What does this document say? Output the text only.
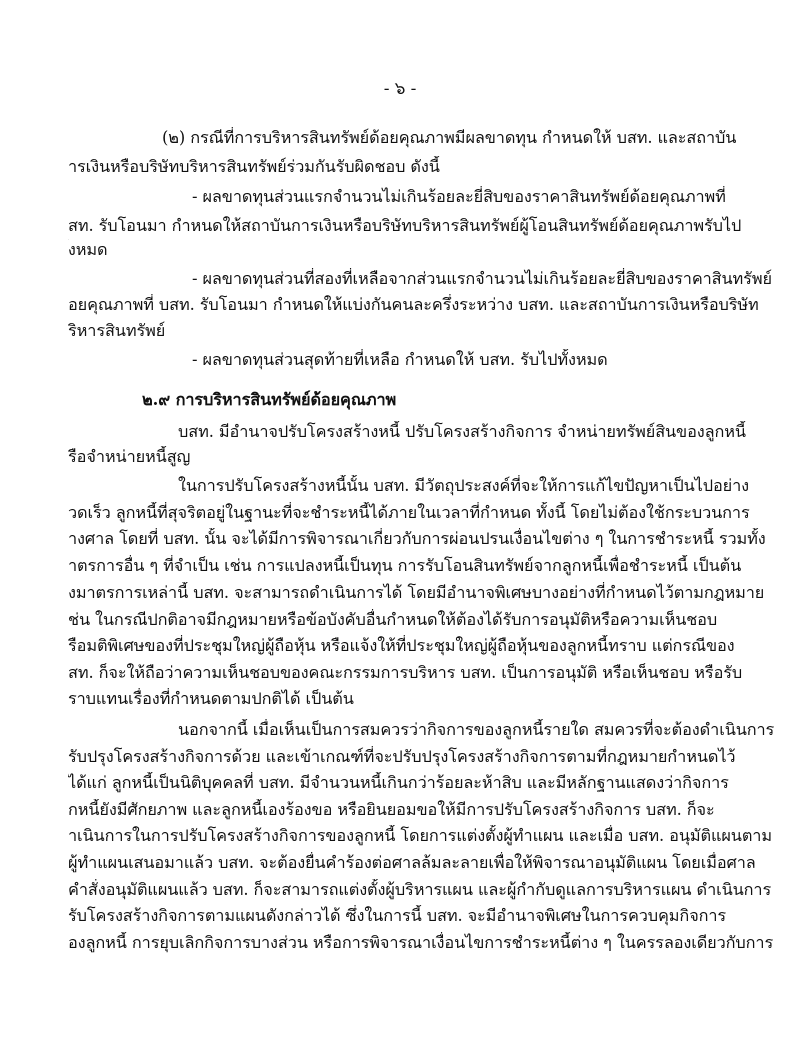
- ๖ -
(๒) กรณีที่การบริหารสินทรัพย์ด้อยคุณภาพมีผลขาดทุน กำหนดให้ บสท. และสถาบัน
ารเงินหรือบริษัทบริหารสินทรัพย์ร่วมกันรับผิดชอบ ดังนี้
- ผลขาดทุนส่วนแรกจำนวนไม่เกินร้อยละยี่สิบของราคาสินทรัพย์ด้อยคุณภาพที่
สท. รับโอนมา กำหนดให้สถาบันการเงินหรือบริษัทบริหารสินทรัพย์ผู้โอนสินทรัพย์ด้อยคุณภาพรับไป
ั้งหมด
- ผลขาดทุนส่วนที่สองที่เหลือจากส่วนแรกจำนวนไม่เกินร้อยละยี่สิบของราคาสินทรัพย์
อยคุณภาพที่ บสท. รับโอนมา กำหนดให้แบ่งกันคนละครึ่งระหว่าง บสท. และสถาบันการเงินหรือบริษัท
ริหารสินทรัพย์
- ผลขาดทุนส่วนสุดท้ายที่เหลือ กำหนดให้ บสท. รับไปทั้งหมด
๒.๙ การบริหารสินทรัพย์ด้อยคุณภาพ
บสท. มีอำนาจปรับโครงสร้างหนี้ ปรับโครงสร้างกิจการ จำหน่ายทรัพย์สินของลูกหนี้
รือจำหน่ายหนี้สูญ
ในการปรับโครงสร้างหนี้นั้น บสท. มีวัตถุประสงค์ที่จะให้การแก้ไขปัญหาเป็นไปอย่าง
วดเร็ว ลูกหนี้ที่สุจริตอยู่ในฐานะที่จะชำระหนี้ได้ภายในเวลาที่กำหนด ทั้งนี้ โดยไม่ต้องใช้กระบวนการ
างศาล โดยที่ บสท. นั้น จะได้มีการพิจารณาเกี่ยวกับการผ่อนปรนเงื่อนไขต่าง ๆ ในการชำระหนี้ รวมทั้ง
าตรการอื่น ๆ ที่จำเป็น เช่น การแปลงหนี้เป็นทุน การรับโอนสินทรัพย์จากลูกหนี้เพื่อชำระหนี้ เป็นต้น
งมาตรการเหล่านี้ บสท. จะสามารถดำเนินการได้ โดยมีอำนาจพิเศษบางอย่างที่กำหนดไว้ตามกฎหมาย
ช่น ในกรณีปกติอาจมีกฎหมายหรือข้อบังคับอื่นกำหนดให้ต้องได้รับการอนุมัติหรือความเห็นชอบ
รือมติพิเศษของที่ประชุมใหญ่ผู้ถือหุ้น หรือแจ้งให้ที่ประชุมใหญ่ผู้ถือหุ้นของลูกหนี้ทราบ แต่กรณีของ
สท. ก็จะให้ถือว่าความเห็นชอบของคณะกรรมการบริหาร บสท. เป็นการอนุมัติ หรือเห็นชอบ หรือรับ
ราบแทนเรื่องที่กำหนดตามปกติได้ เป็นต้น
นอกจากนี้ เมื่อเห็นเป็นการสมควรว่ากิจการของลูกหนี้รายใด สมควรที่จะต้องดำเนินการ
รับปรุงโครงสร้างกิจการด้วย และเข้าเกณฑ์ที่จะปรับปรุงโครงสร้างกิจการตามที่กฎหมายกำหนดไว้
ได้แก่ ลูกหนี้เป็นนิติบุคคลที่ บสท. มีจำนวนหนี้เกินกว่าร้อยละห้าสิบ และมีหลักฐานแสดงว่ากิจการ
กหนี้ยังมีศักยภาพ และลูกหนี้เองร้องขอ หรือยินยอมขอให้มีการปรับโครงสร้างกิจการ บสท. ก็จะ
ำเนินการในการปรับโครงสร้างกิจการของลูกหนี้ โดยการแต่งตั้งผู้ทำแผน และเมื่อ บสท. อนุมัติแผนตาม
ผู้ทำแผนเสนอมาแล้ว บสท. จะต้องยื่นคำร้องต่อศาลล้มละลายเพื่อให้พิจารณาอนุมัติแผน โดยเมื่อศาล
คำสั่งอนุมัติแผนแล้ว บสท. ก็จะสามารถแต่งตั้งผู้บริหารแผน และผู้กำกับดูแลการบริหารแผน ดำเนินการ
รับโครงสร้างกิจการตามแผนดังกล่าวได้ ซึ่งในการนี้ บสท. จะมีอำนาจพิเศษในการควบคุมกิจการ
องลูกหนี้ การยุบเลิกกิจการบางส่วน หรือการพิจารณาเงื่อนไขการชำระหนี้ต่าง ๆ ในครรลองเดียวกับการ
